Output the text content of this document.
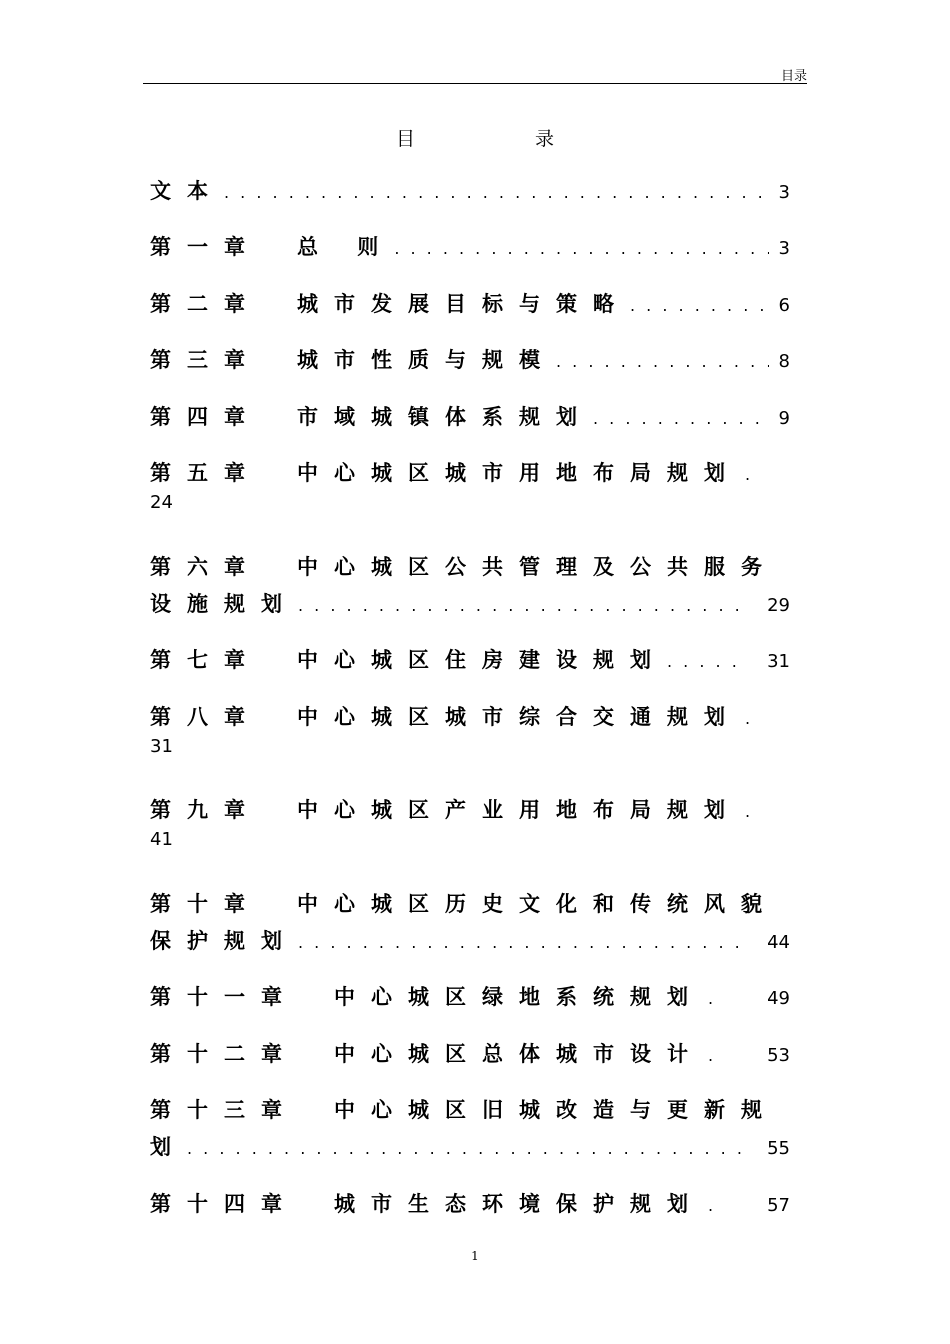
目录
目	录
文本 . . .	3
第一章 总 则 . . .	3
第二章 城市发展目标与策略 . . .	6
第三章 城市性质与规模 . . .	8
第四章 市域城镇体系规划 . . .	9
第五章 中心城区城市用地布局规划 .
24
第六章 中心城区公共管理及公共服务
设施规划 . . .	29
第七章 中心城区住房建设规划 . . .	31
第八章 中心城区城市综合交通规划 .
31
第九章 中心城区产业用地布局规划 .
41
第十章 中心城区历史文化和传统风貌
保护规划 . . .	44
第十一章 中心城区绿地系统规划 .	49
第十二章 中心城区总体城市设计 .	53
第十三章 中心城区旧城改造与更新规
划 . . .	55
第十四章 城市生态环境保护规划 .	57
1
